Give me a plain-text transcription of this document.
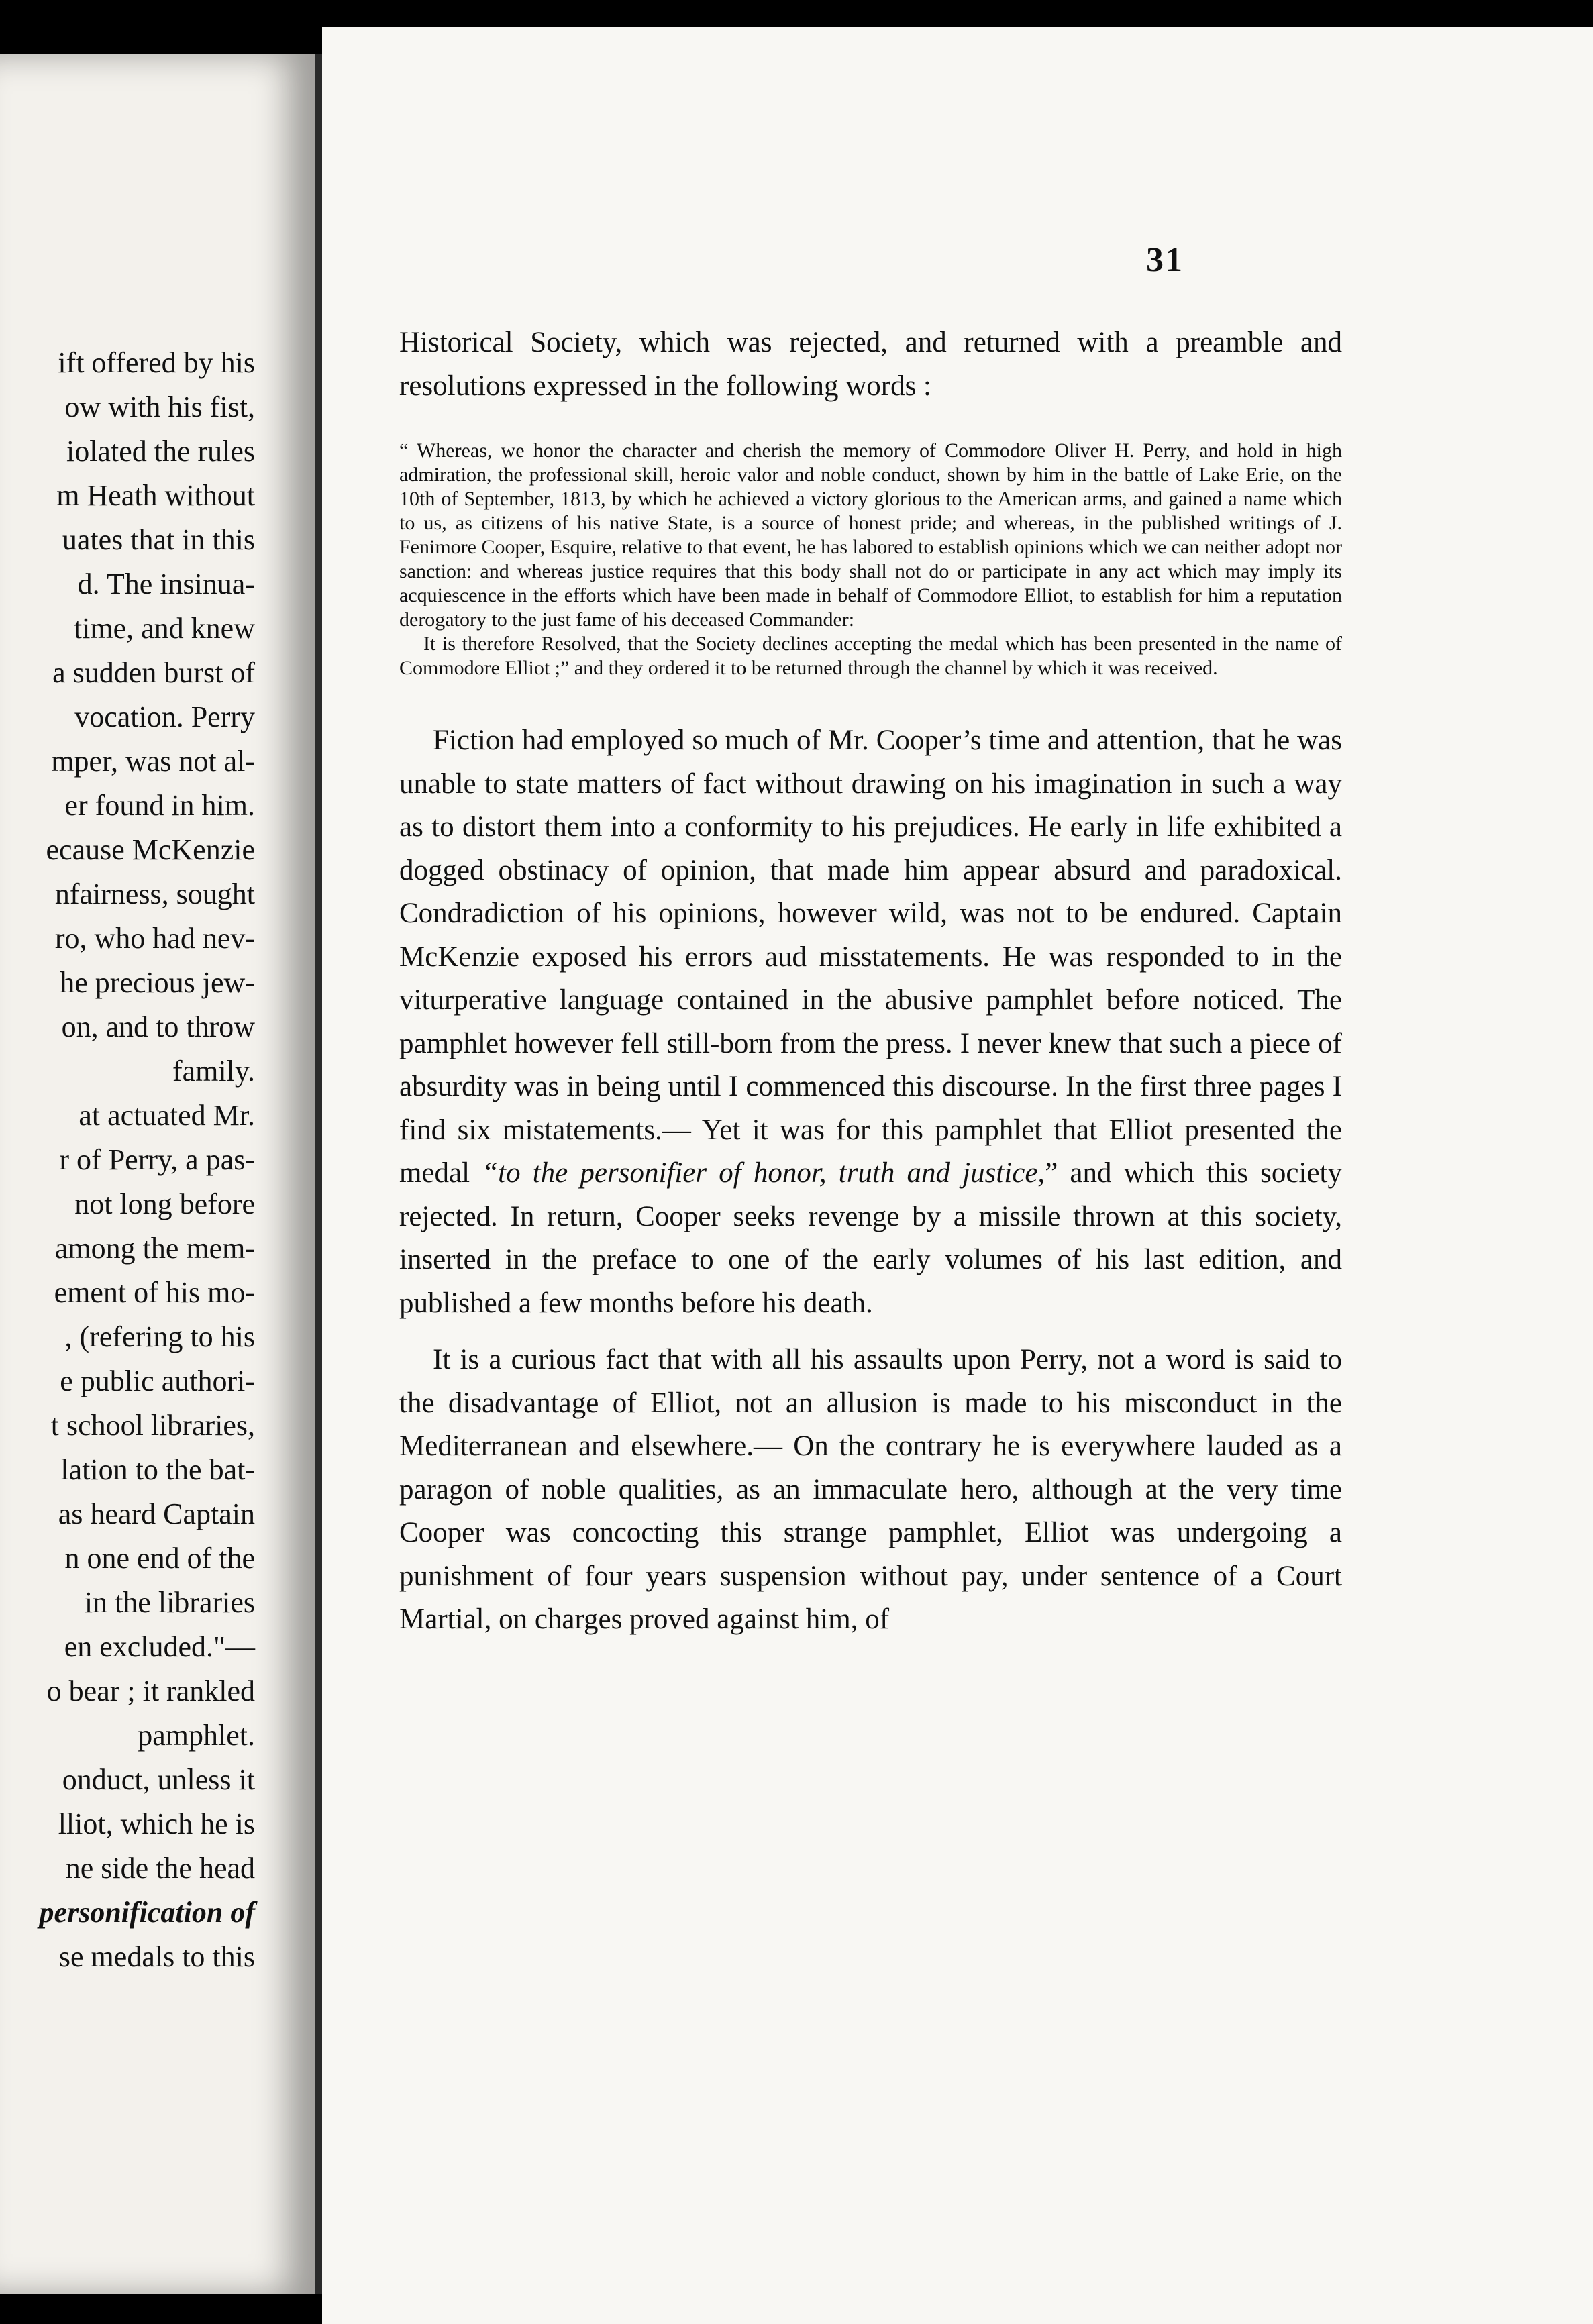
ift offered by his
ow with his fist,
iolated the rules
m Heath without
uates that in this
d. The insinua-
time, and knew
a sudden burst of
vocation. Perry
mper, was not al-
er found in him.
ecause McKenzie
nfairness, sought
ro, who had nev-
he precious jew-
on, and to throw
family.
at actuated Mr.
r of Perry, a pas-
not long before
among the mem-
ement of his mo-
, (refering to his
e public authori-
t school libraries,
lation to the bat-
as heard Captain
n one end of the
in the libraries
en excluded."—
o bear ; it rankled
pamphlet.
onduct, unless it
lliot, which he is
ne side the head
personification of
se medals to this
31

Historical Society, which was rejected, and returned with a preamble and resolutions expressed in the following words :

“ Whereas, we honor the character and cherish the memory of Commodore Oliver H. Perry, and hold in high admiration, the professional skill, heroic valor and noble conduct, shown by him in the battle of Lake Erie, on the 10th of September, 1813, by which he achieved a victory glorious to the American arms, and gained a name which to us, as citizens of his native State, is a source of honest pride; and whereas, in the published writings of J. Fenimore Cooper, Esquire, relative to that event, he has labored to establish opinions which we can neither adopt nor sanction: and whereas justice requires that this body shall not do or participate in any act which may imply its acquiescence in the efforts which have been made in behalf of Commodore Elliot, to establish for him a reputation derogatory to the just fame of his deceased Commander:

It is therefore Resolved, that the Society declines accepting the medal which has been presented in the name of Commodore Elliot ;” and they ordered it to be returned through the channel by which it was received.

Fiction had employed so much of Mr. Cooper’s time and attention, that he was unable to state matters of fact without drawing on his imagination in such a way as to distort them into a conformity to his prejudices. He early in life exhibited a dogged obstinacy of opinion, that made him appear absurd and paradoxical. Condradiction of his opinions, however wild, was not to be endured. Captain McKenzie exposed his errors aud misstatements. He was responded to in the viturperative language contained in the abusive pamphlet before noticed. The pamphlet however fell still-born from the press. I never knew that such a piece of absurdity was in being until I commenced this discourse. In the first three pages I find six mistatements.— Yet it was for this pamphlet that Elliot presented the medal “to the personifier of honor, truth and justice,” and which this society rejected. In return, Cooper seeks revenge by a missile thrown at this society, inserted in the preface to one of the early volumes of his last edition, and published a few months before his death.

It is a curious fact that with all his assaults upon Perry, not a word is said to the disadvantage of Elliot, not an allusion is made to his misconduct in the Mediterranean and elsewhere.— On the contrary he is everywhere lauded as a paragon of noble qualities, as an immaculate hero, although at the very time Cooper was concocting this strange pamphlet, Elliot was undergoing a punishment of four years suspension without pay, under sentence of a Court Martial, on charges proved against him, of
